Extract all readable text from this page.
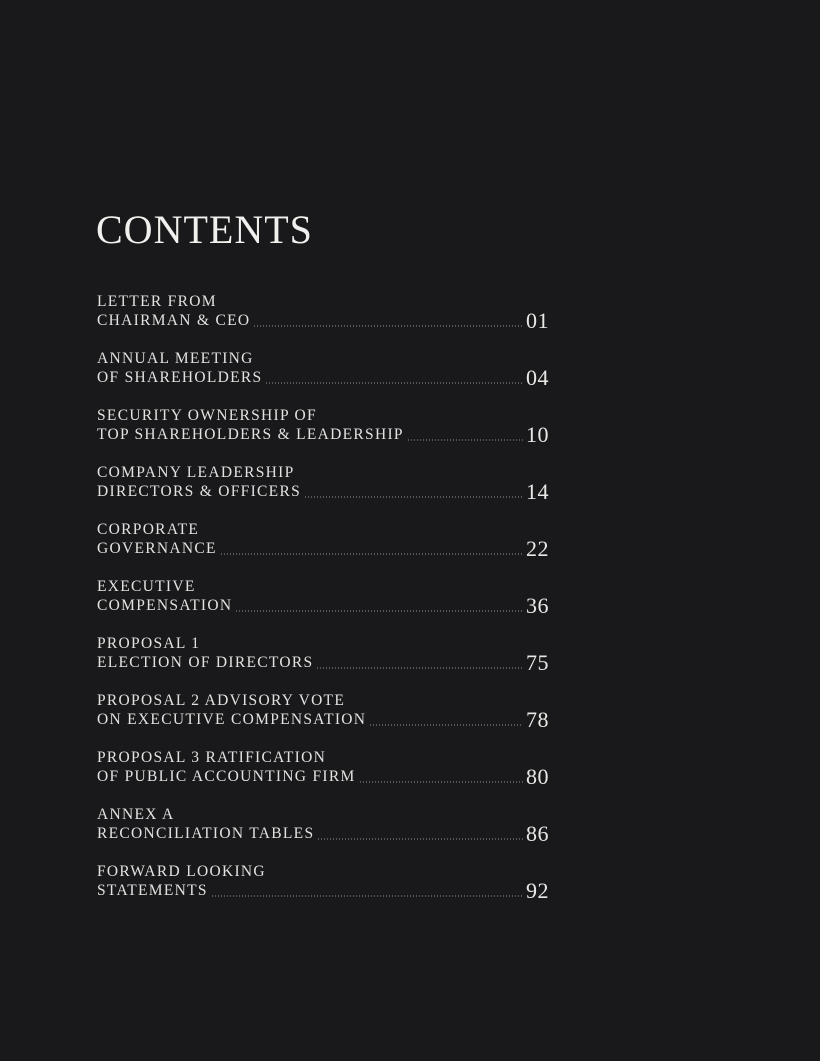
CONTENTS
LETTER FROM
CHAIRMAN & CEO	01
ANNUAL MEETING
OF SHAREHOLDERS	04
SECURITY OWNERSHIP OF
TOP SHAREHOLDERS & LEADERSHIP	10
COMPANY LEADERSHIP
DIRECTORS & OFFICERS	14
CORPORATE
GOVERNANCE	22
EXECUTIVE
COMPENSATION	36
PROPOSAL 1
ELECTION OF DIRECTORS	75
PROPOSAL 2 ADVISORY VOTE
ON EXECUTIVE COMPENSATION	78
PROPOSAL 3 RATIFICATION
OF PUBLIC ACCOUNTING FIRM	80
ANNEX A
RECONCILIATION TABLES	86
FORWARD LOOKING
STATEMENTS	92
